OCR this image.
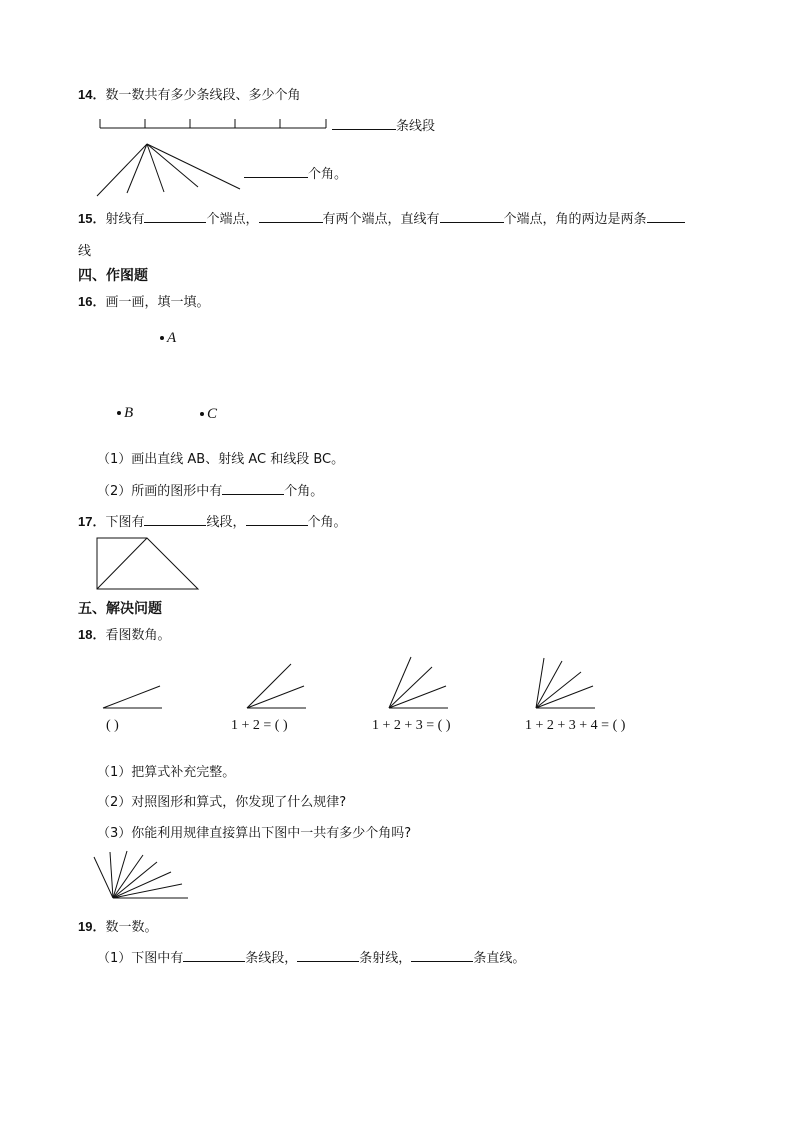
14．数一数共有多少条线段、多少个角
条线段
个角。
15．射线有	个端点，	有两个端点，直线有	个端点，角的两边是两条
线
四、作图题
16．画一画，填一填。
A
B	C
（1）画出直线 AB、射线 AC 和线段 BC。
（2）所画的图形中有	个角。
17．下图有	线段，	个角。
五、解决问题
18．看图数角。
( )	1 + 2 = ( )	1 + 2 + 3 = ( )	1 + 2 + 3 + 4 = ( )
（1）把算式补充完整。
（2）对照图形和算式，你发现了什么规律?
（3）你能利用规律直接算出下图中一共有多少个角吗?
19．数一数。
（1）下图中有	条线段，	条射线，	条直线。
